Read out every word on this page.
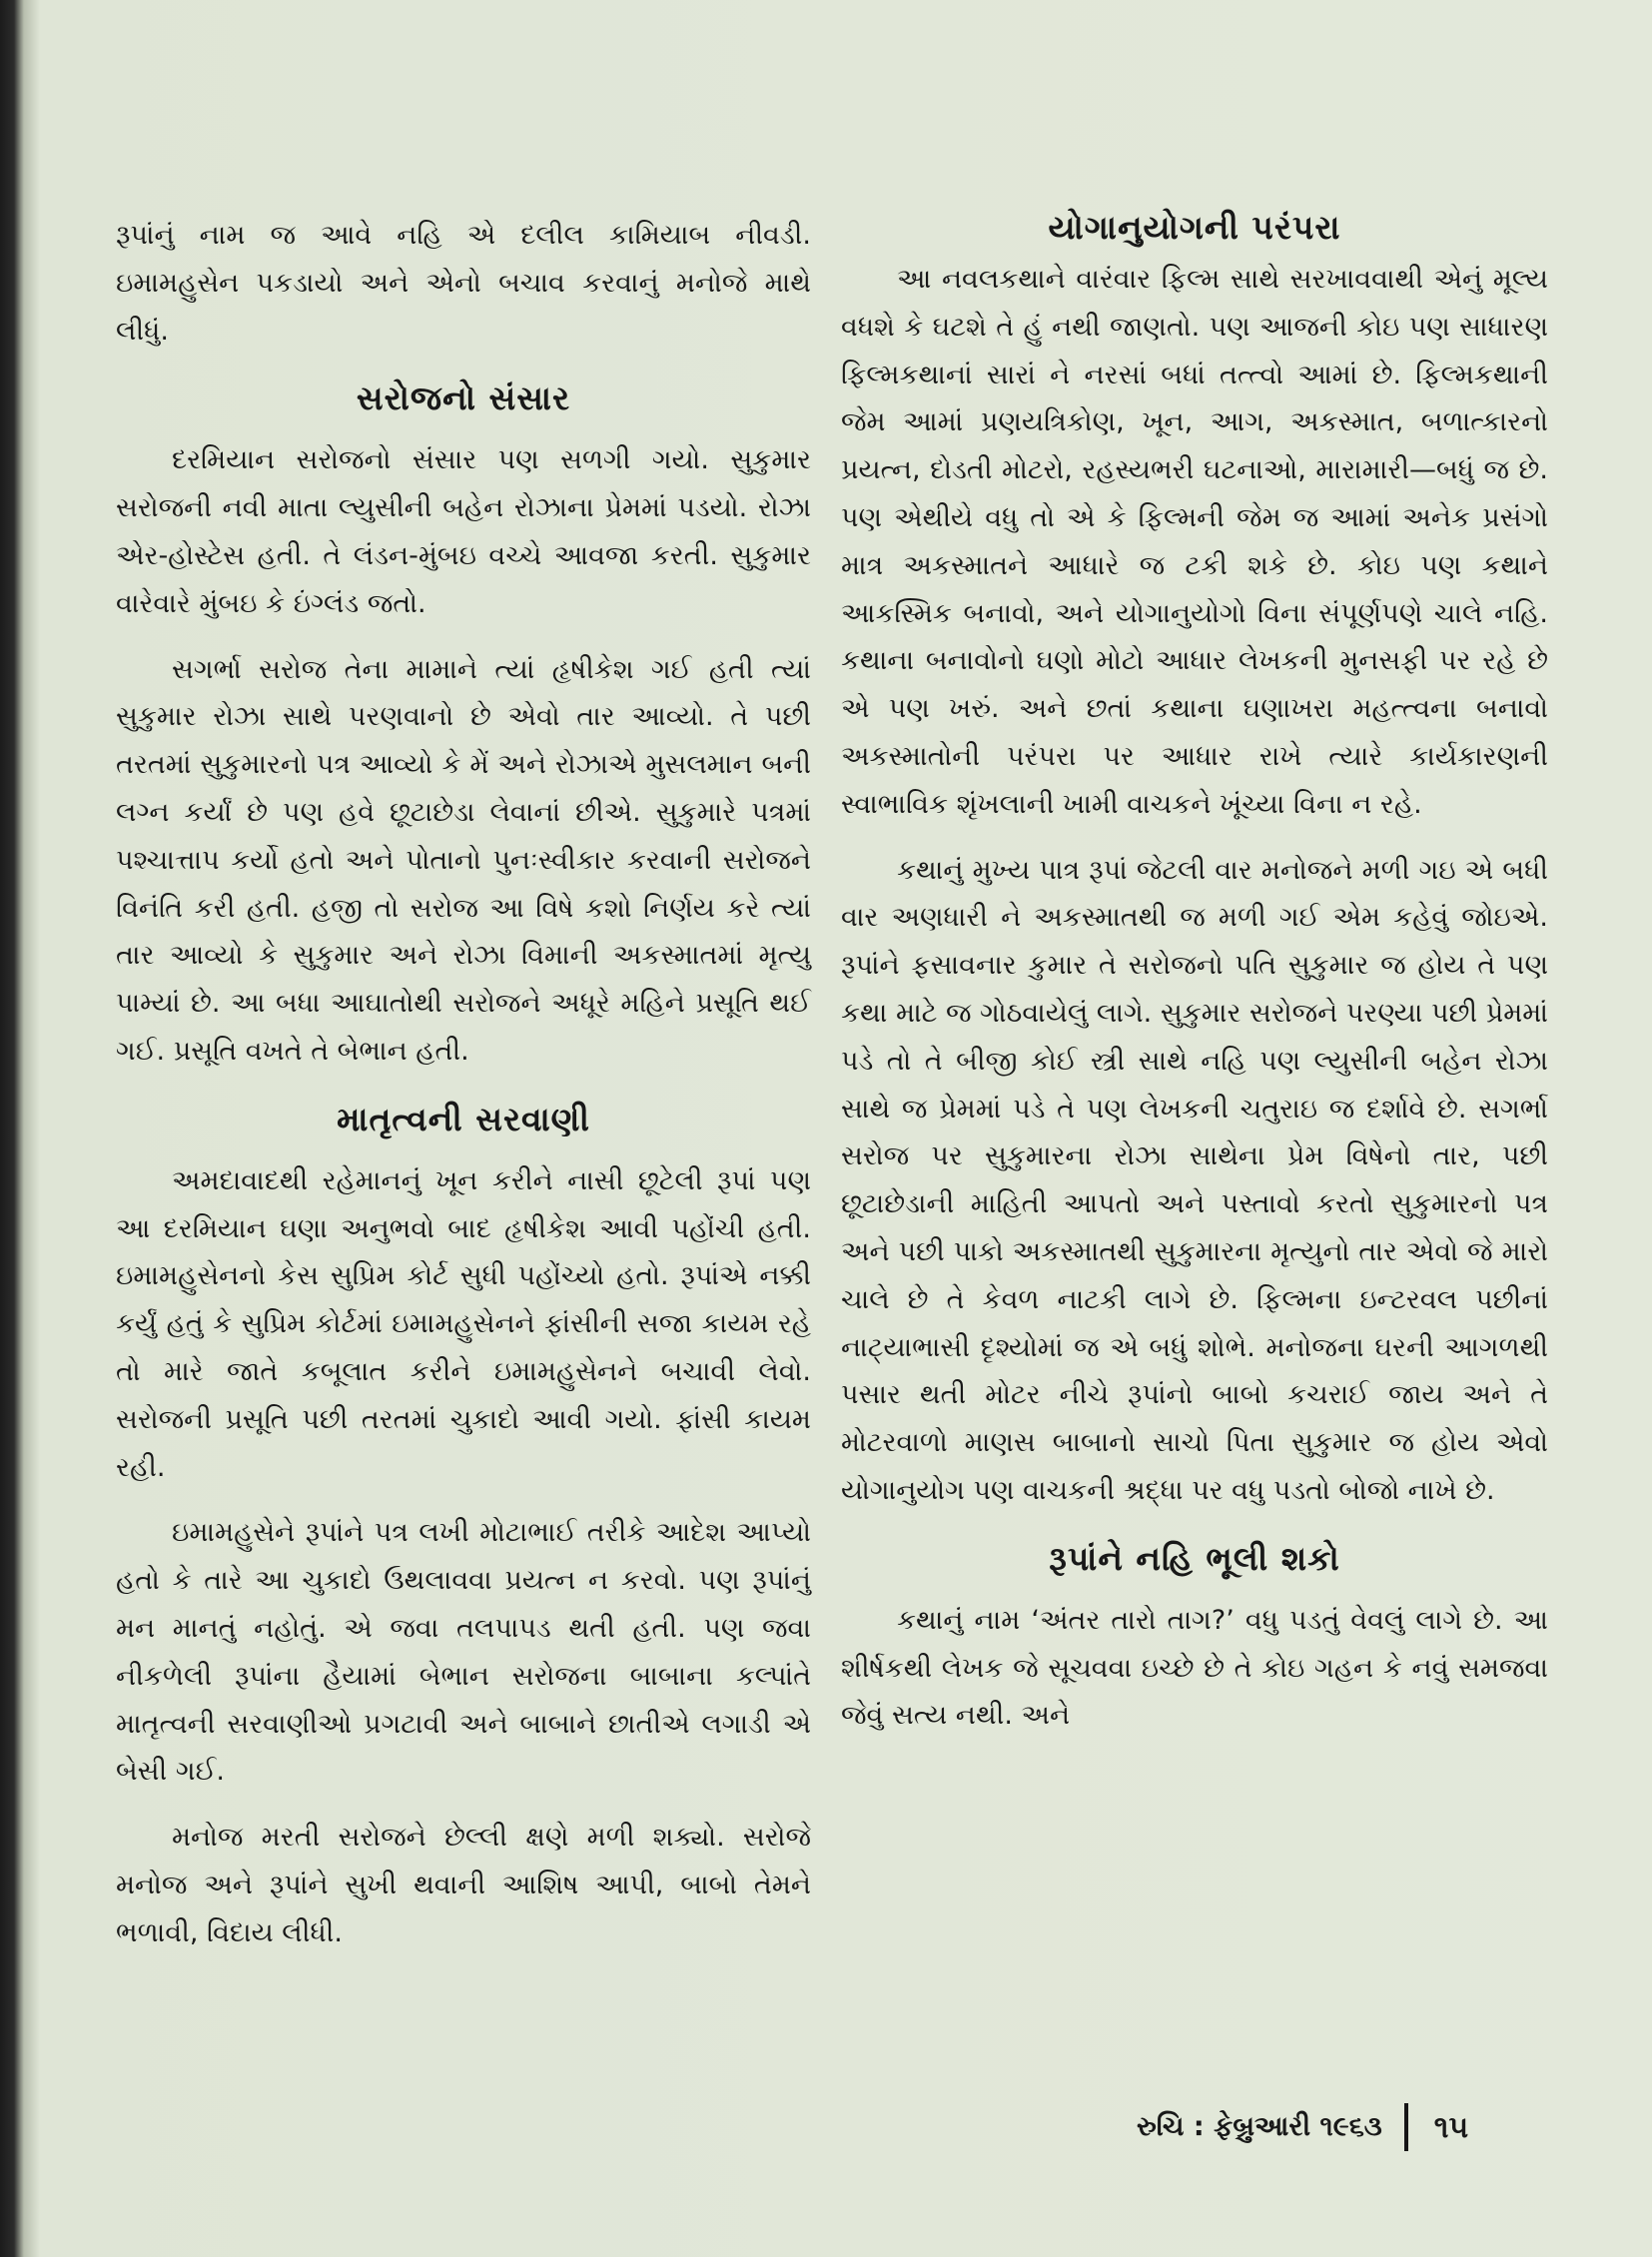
રૂપાંનું નામ જ આવે નહિ એ દલીલ કામિયાબ નીવડી. ઇમામહુસેન પકડાયો અને એનો બચાવ કરવાનું મનોજે માથે લીધું.

સરોજનો સંસાર

દરમિયાન સરોજનો સંસાર પણ સળગી ગયો. સુકુમાર સરોજની નવી માતા લ્યુસીની બહેન રોઝાના પ્રેમમાં પડયો. રોઝા એર-હોસ્ટેસ હતી. તે લંડન-મુંબઇ વચ્ચે આવજા કરતી. સુકુમાર વારેવારે મુંબઇ કે ઇંગ્લંડ જતો.

સગર્ભા સરોજ તેના મામાને ત્યાં હૃષીકેશ ગઈ હતી ત્યાં સુકુમાર રોઝા સાથે પરણવાનો છે એવો તાર આવ્યો. તે પછી તરતમાં સુકુમારનો પત્ર આવ્યો કે મેં અને રોઝાએ મુસલમાન બની લગ્ન કર્યાં છે પણ હવે છૂટાછેડા લેવાનાં છીએ. સુકુમારે પત્રમાં પશ્ચાત્તાપ કર્યો હતો અને પોતાનો પુનઃસ્વીકાર કરવાની સરોજને વિનંતિ કરી હતી. હજી તો સરોજ આ વિષે કશો નિર્ણય કરે ત્યાં તાર આવ્યો કે સુકુમાર અને રોઝા વિમાની અકસ્માતમાં મૃત્યુ પામ્યાં છે. આ બધા આઘાતોથી સરોજને અધૂરે મહિને પ્રસૂતિ થઈ ગઈ. પ્રસૂતિ વખતે તે બેભાન હતી.

માતૃત્વની સરવાણી

અમદાવાદથી રહેમાનનું ખૂન કરીને નાસી છૂટેલી રૂપાં પણ આ દરમિયાન ઘણા અનુભવો બાદ હૃષીકેશ આવી પહોંચી હતી. ઇમામહુસેનનો કેસ સુપ્રિમ કોર્ટ સુધી પહોંચ્યો હતો. રૂપાંએ નક્કી કર્યું હતું કે સુપ્રિમ કોર્ટમાં ઇમામહુસેનને ફાંસીની સજા કાયમ રહે તો મારે જાતે કબૂલાત કરીને ઇમામહુસેનને બચાવી લેવો. સરોજની પ્રસૂતિ પછી તરતમાં ચુકાદો આવી ગયો. ફાંસી કાયમ રહી.

ઇમામહુસેને રૂપાંને પત્ર લખી મોટાભાઈ તરીકે આદેશ આપ્યો હતો કે તારે આ ચુકાદો ઉથલાવવા પ્રયત્ન ન કરવો. પણ રૂપાંનું મન માનતું નહોતું. એ જવા તલપાપડ થતી હતી. પણ જવા નીકળેલી રૂપાંના હૈયામાં બેભાન સરોજના બાબાના કલ્પાંતે માતૃત્વની સરવાણીઓ પ્રગટાવી અને બાબાને છાતીએ લગાડી એ બેસી ગઈ.

મનોજ મરતી સરોજને છેલ્લી ક્ષણે મળી શક્યો. સરોજે મનોજ અને રૂપાંને સુખી થવાની આશિષ આપી, બાબો તેમને ભળાવી, વિદાય લીધી.

યોગાનુયોગની પરંપરા

આ નવલકથાને વારંવાર ફિલ્મ સાથે સરખાવવાથી એનું મૂલ્ય વધશે કે ઘટશે તે હું નથી જાણતો. પણ આજની કોઇ પણ સાધારણ ફિલ્મકથાનાં સારાં ને નરસાં બધાં તત્ત્વો આમાં છે. ફિલ્મકથાની જેમ આમાં પ્રણયત્રિકોણ, ખૂન, આગ, અકસ્માત, બળાત્કારનો પ્રયત્ન, દોડતી મોટરો, રહસ્યભરી ઘટનાઓ, મારામારી—બધું જ છે. પણ એથીયે વધુ તો એ કે ફિલ્મની જેમ જ આમાં અનેક પ્રસંગો માત્ર અકસ્માતને આધારે જ ટકી શકે છે. કોઇ પણ કથાને આકસ્મિક બનાવો, અને યોગાનુયોગો વિના સંપૂર્ણપણે ચાલે નહિ. કથાના બનાવોનો ઘણો મોટો આધાર લેખકની મુનસફી પર રહે છે એ પણ ખરું. અને છતાં કથાના ઘણાખરા મહત્ત્વના બનાવો અકસ્માતોની પરંપરા પર આધાર રાખે ત્યારે કાર્યકારણની સ્વાભાવિક શૃંખલાની ખામી વાચકને ખૂંચ્યા વિના ન રહે.

કથાનું મુખ્ય પાત્ર રૂપાં જેટલી વાર મનોજને મળી ગઇ એ બધી વાર અણધારી ને અકસ્માતથી જ મળી ગઈ એમ કહેવું જોઇએ. રૂપાંને ફસાવનાર કુમાર તે સરોજનો પતિ સુકુમાર જ હોય તે પણ કથા માટે જ ગોઠવાયેલું લાગે. સુકુમાર સરોજને પરણ્યા પછી પ્રેમમાં પડે તો તે બીજી કોઈ સ્ત્રી સાથે નહિ પણ લ્યુસીની બહેન રોઝા સાથે જ પ્રેમમાં પડે તે પણ લેખકની ચતુરાઇ જ દર્શાવે છે. સગર્ભા સરોજ પર સુકુમારના રોઝા સાથેના પ્રેમ વિષેનો તાર, પછી છૂટાછેડાની માહિતી આપતો અને પસ્તાવો કરતો સુકુમારનો પત્ર અને પછી પાકો અકસ્માતથી સુકુમારના મૃત્યુનો તાર એવો જે મારો ચાલે છે તે કેવળ નાટકી લાગે છે. ફિલ્મના ઇન્ટરવલ પછીનાં નાટ્યાભાસી દૃશ્યોમાં જ એ બધું શોભે. મનોજના ઘરની આગળથી પસાર થતી મોટર નીચે રૂપાંનો બાબો કચરાઈ જાય અને તે મોટરવાળો માણસ બાબાનો સાચો પિતા સુકુમાર જ હોય એવો યોગાનુયોગ પણ વાચકની શ્રદ્ધા પર વધુ પડતો બોજો નાખે છે.

રૂપાંને નહિ ભૂલી શકો

કથાનું નામ ‘અંતર તારો તાગ?’ વધુ પડતું વેવલું લાગે છે. આ શીર્ષકથી લેખક જે સૂચવવા ઇચ્છે છે તે કોઇ ગહન કે નવું સમજવા જેવું સત્ય નથી. અને

રુચિ : ફેબ્રુઆરી ૧૯૬૩ ૧૫
